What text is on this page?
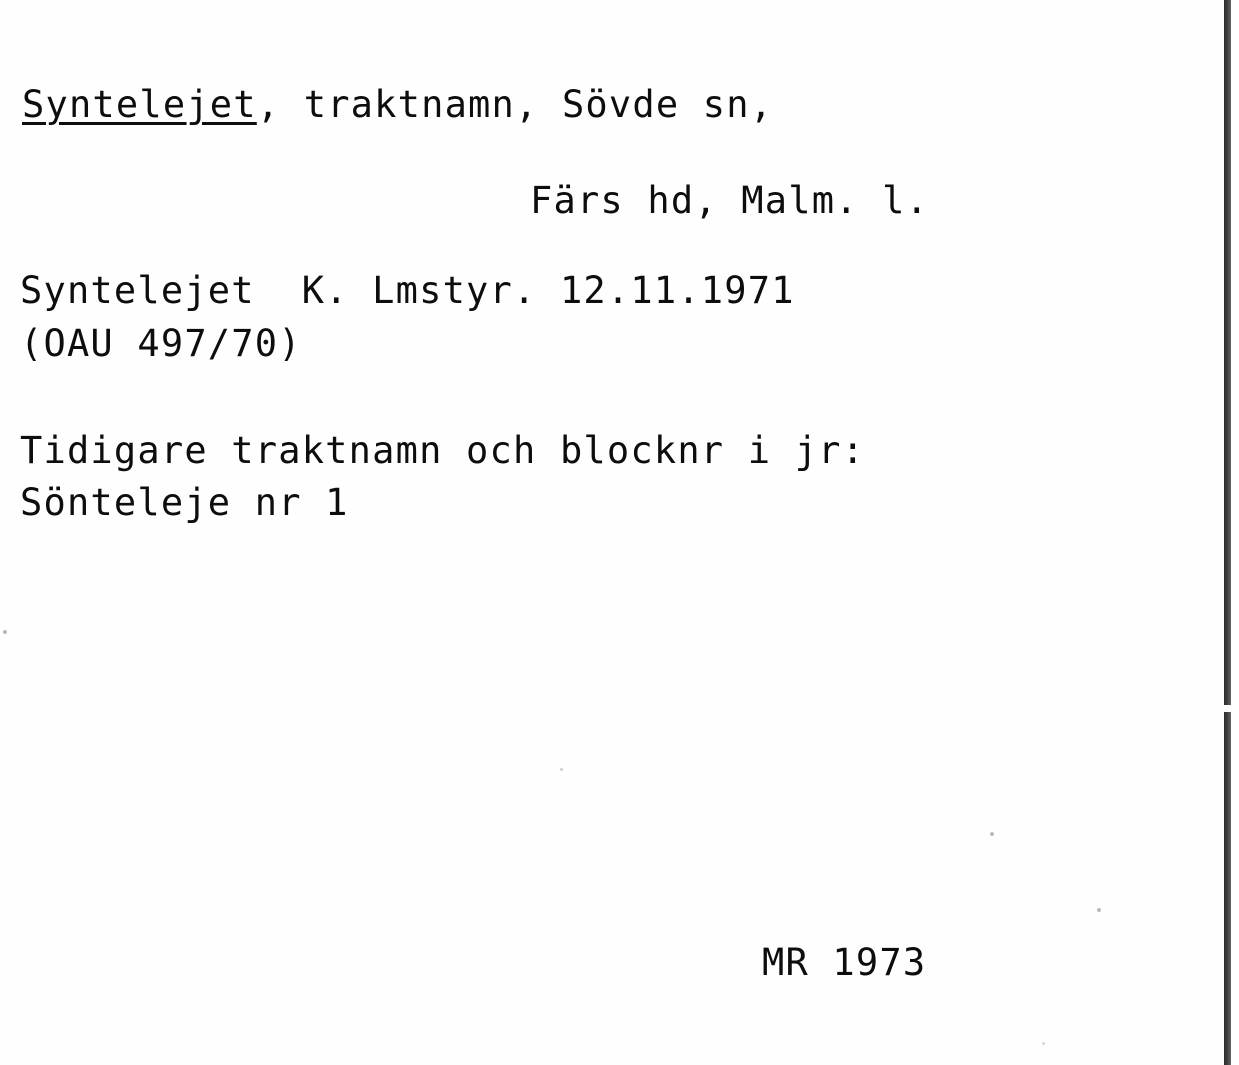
Syntelejet, traktnamn, Sövde sn,
Färs hd, Malm. l.
Syntelejet  K. Lmstyr. 12.11.1971
(OAU 497/70)
Tidigare traktnamn och blocknr i jr:
Sönteleje nr 1
MR 1973
